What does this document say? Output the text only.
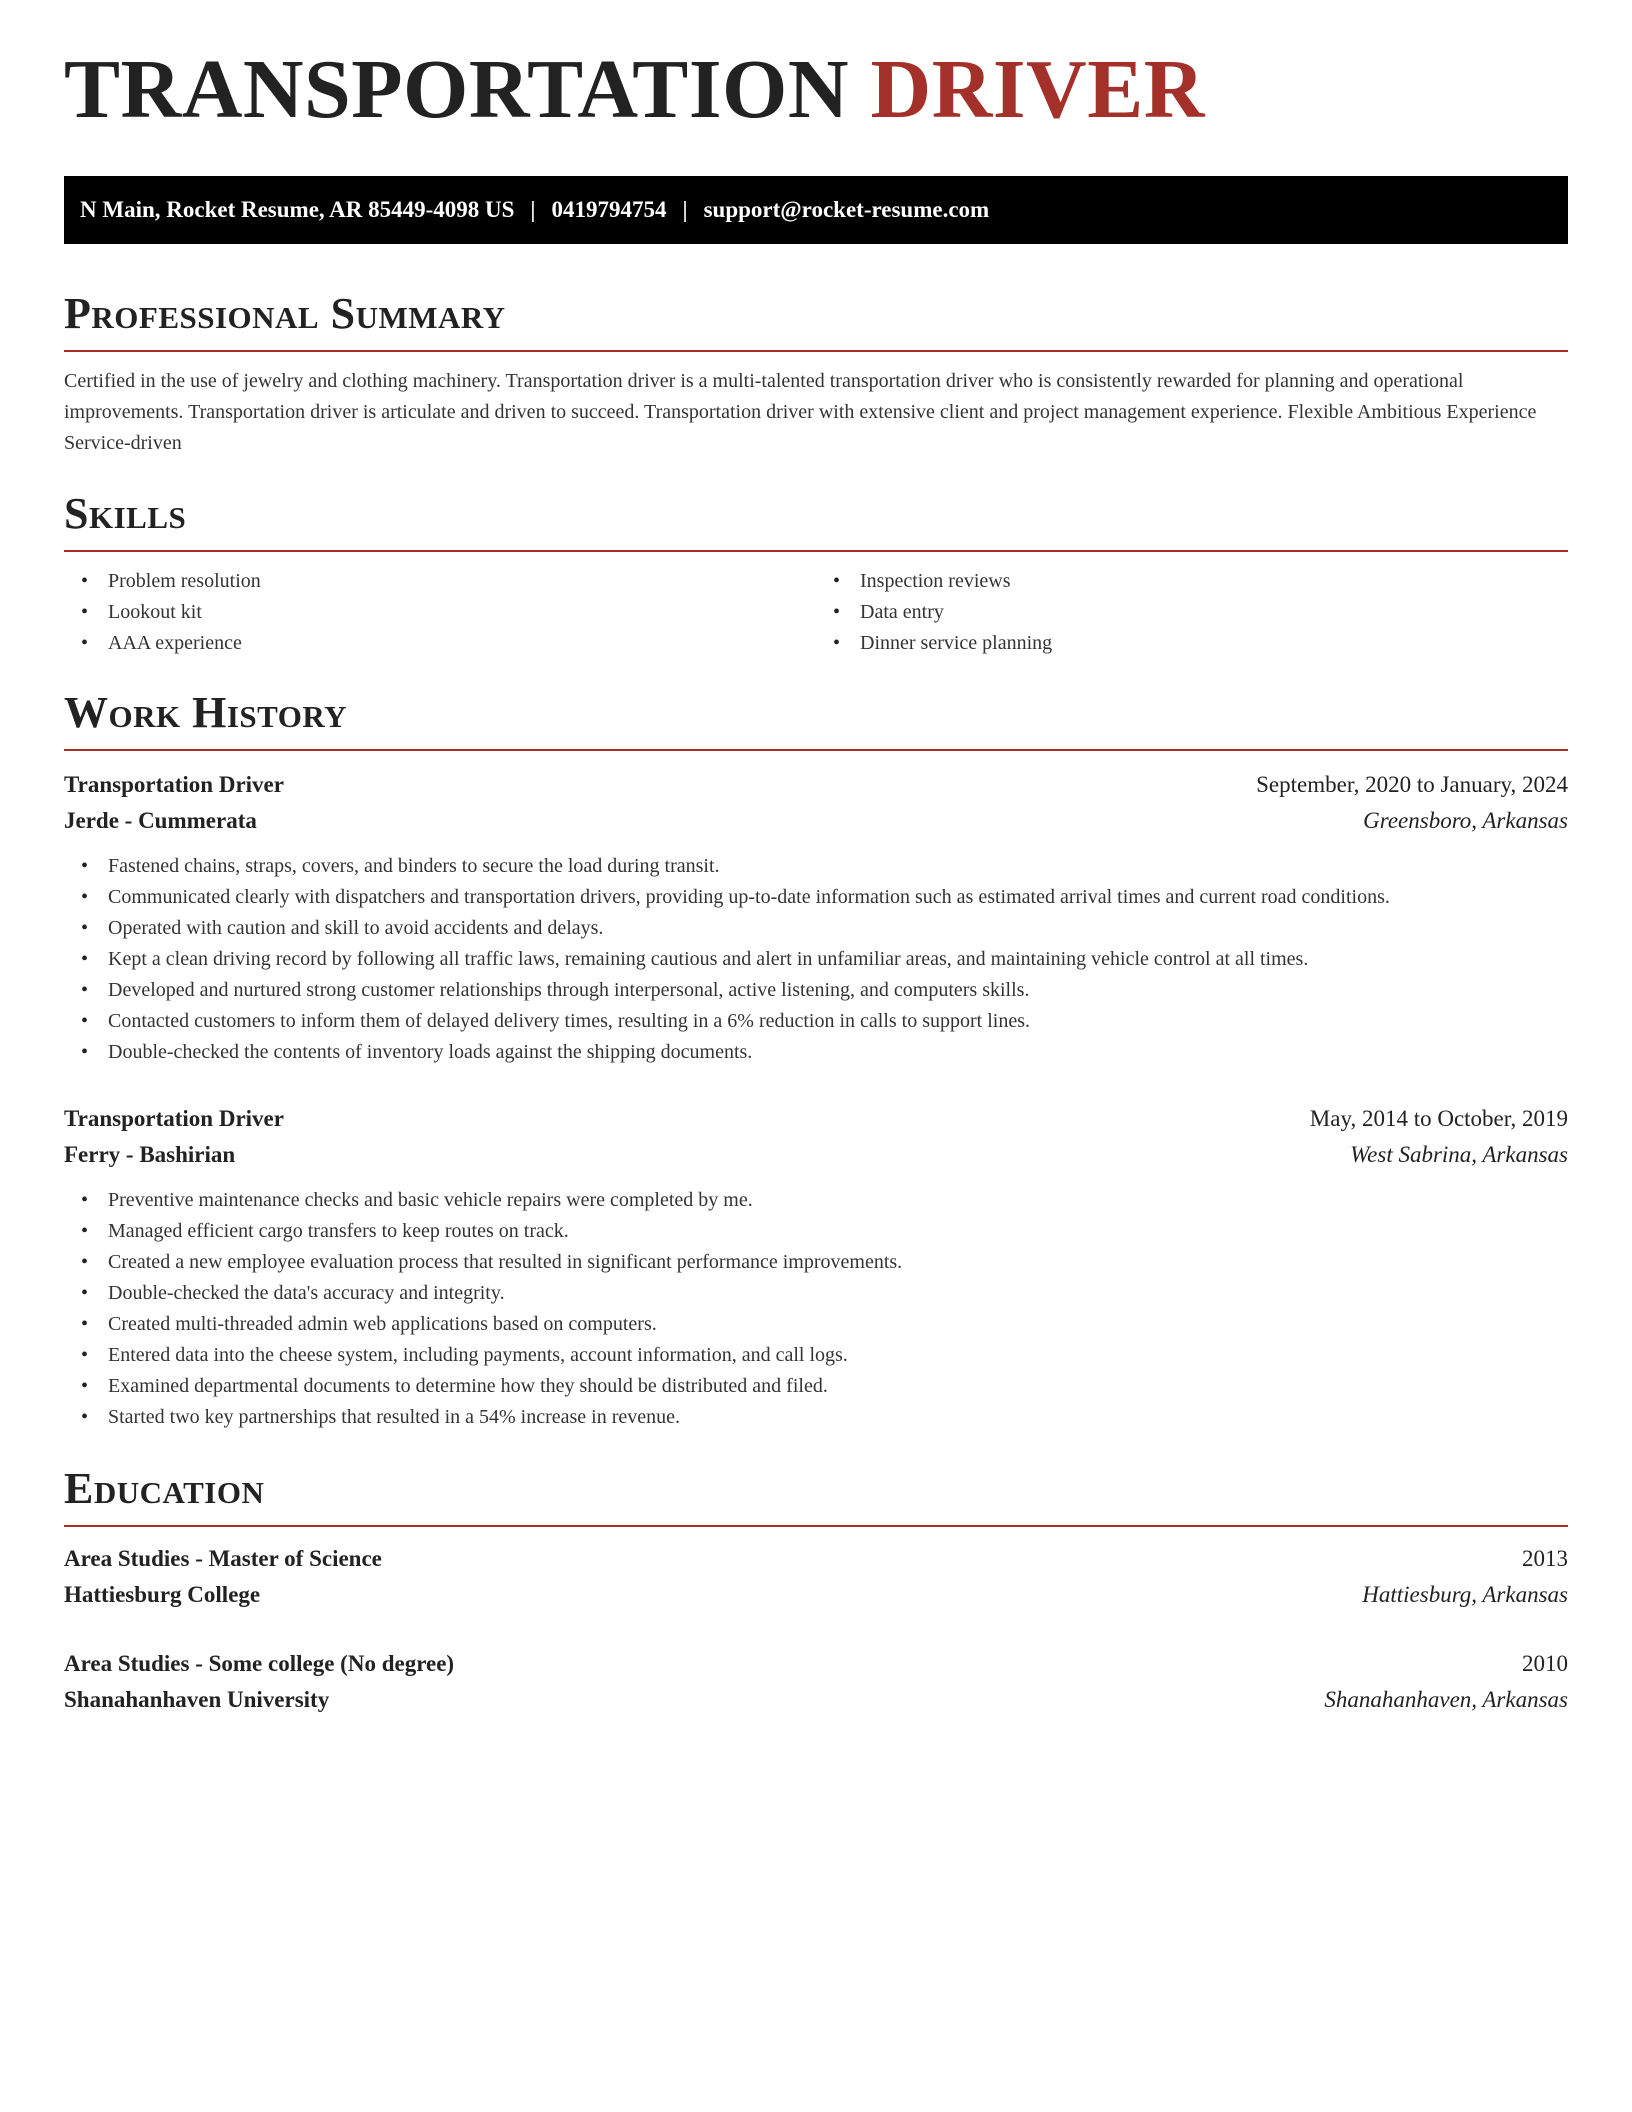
TRANSPORTATION DRIVER
N Main, Rocket Resume, AR 85449-4098 US | 0419794754 | support@rocket-resume.com
Professional Summary

Certified in the use of jewelry and clothing machinery. Transportation driver is a multi-talented transportation driver who is consistently rewarded for planning and operational improvements. Transportation driver is articulate and driven to succeed. Transportation driver with extensive client and project management experience. Flexible Ambitious Experience Service-driven

Skills
• Problem resolution
• Lookout kit
• AAA experience
• Inspection reviews
• Data entry
• Dinner service planning
Work History
Transportation Driver	September, 2020 to January, 2024
Jerde - Cummerata	Greensboro, Arkansas
• Fastened chains, straps, covers, and binders to secure the load during transit.
• Communicated clearly with dispatchers and transportation drivers, providing up-to-date information such as estimated arrival times and current road conditions.
• Operated with caution and skill to avoid accidents and delays.
• Kept a clean driving record by following all traffic laws, remaining cautious and alert in unfamiliar areas, and maintaining vehicle control at all times.
• Developed and nurtured strong customer relationships through interpersonal, active listening, and computers skills.
• Contacted customers to inform them of delayed delivery times, resulting in a 6% reduction in calls to support lines.
• Double-checked the contents of inventory loads against the shipping documents.
Transportation Driver	May, 2014 to October, 2019
Ferry - Bashirian	West Sabrina, Arkansas
• Preventive maintenance checks and basic vehicle repairs were completed by me.
• Managed efficient cargo transfers to keep routes on track.
• Created a new employee evaluation process that resulted in significant performance improvements.
• Double-checked the data's accuracy and integrity.
• Created multi-threaded admin web applications based on computers.
• Entered data into the cheese system, including payments, account information, and call logs.
• Examined departmental documents to determine how they should be distributed and filed.
• Started two key partnerships that resulted in a 54% increase in revenue.
Education
Area Studies - Master of Science	2013
Hattiesburg College	Hattiesburg, Arkansas
Area Studies - Some college (No degree)	2010
Shanahanhaven University	Shanahanhaven, Arkansas
